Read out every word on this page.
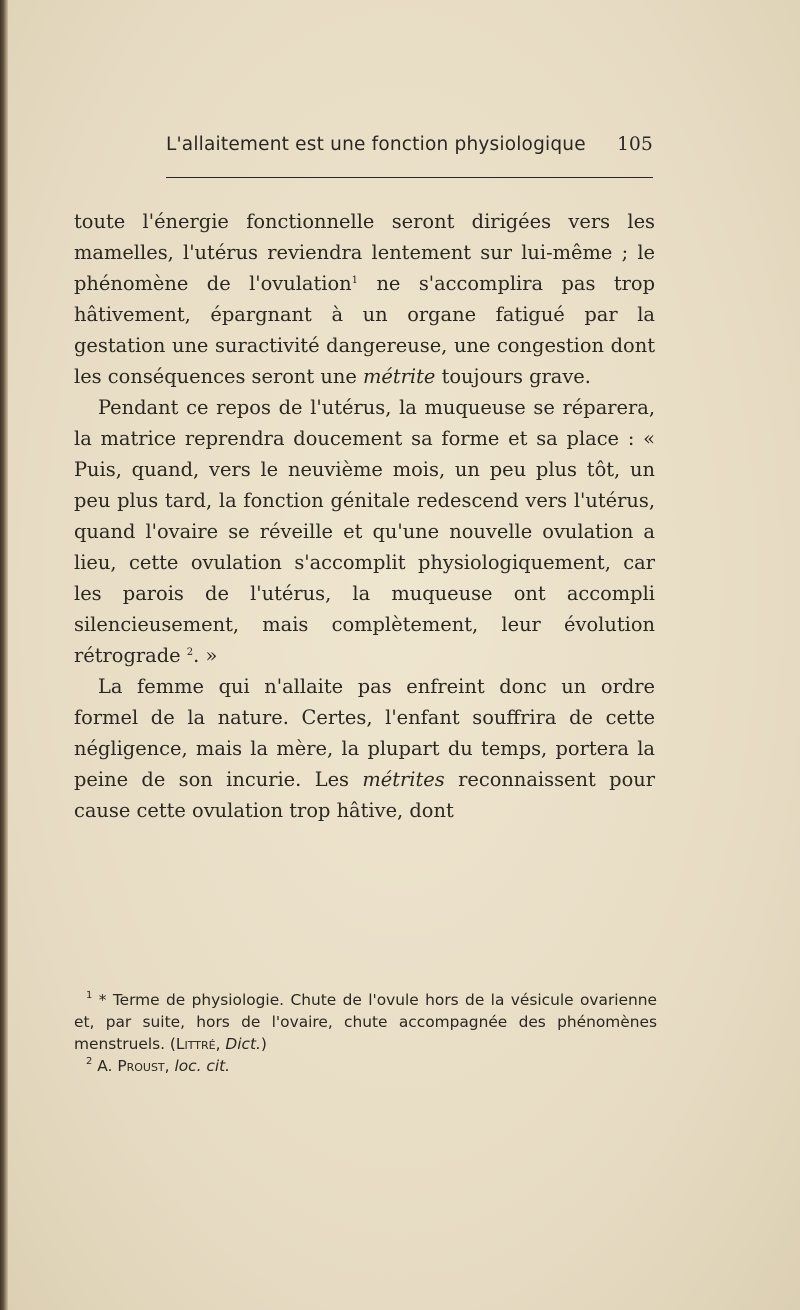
L'allaitement est une fonction physiologique 105

toute l'énergie fonctionnelle seront dirigées vers les mamelles, l'utérus reviendra lentement sur lui-même ; le phénomène de l'ovulation$^1$ ne s'accomplira pas trop hâtivement, épargnant à un organe fatigué par la gestation une suractivité dangereuse, une congestion dont les conséquences seront une métrite toujours grave.

Pendant ce repos de l'utérus, la muqueuse se réparera, la matrice reprendra doucement sa forme et sa place : « Puis, quand, vers le neuvième mois, un peu plus tôt, un peu plus tard, la fonction génitale redescend vers l'utérus, quand l'ovaire se réveille et qu'une nouvelle ovulation a lieu, cette ovulation s'accomplit physiologiquement, car les parois de l'utérus, la muqueuse ont accompli silencieusement, mais complètement, leur évolution rétrograde $^2$. »

La femme qui n'allaite pas enfreint donc un ordre formel de la nature. Certes, l'enfant souffrira de cette négligence, mais la mère, la plupart du temps, portera la peine de son incurie. Les métrites reconnaissent pour cause cette ovulation trop hâtive, dont

$^1$ * Terme de physiologie. Chute de l'ovule hors de la vésicule ovarienne et, par suite, hors de l'ovaire, chute accompagnée des phénomènes menstruels. (Littré, Dict.)

$^2$ A. Proust, loc. cit.
